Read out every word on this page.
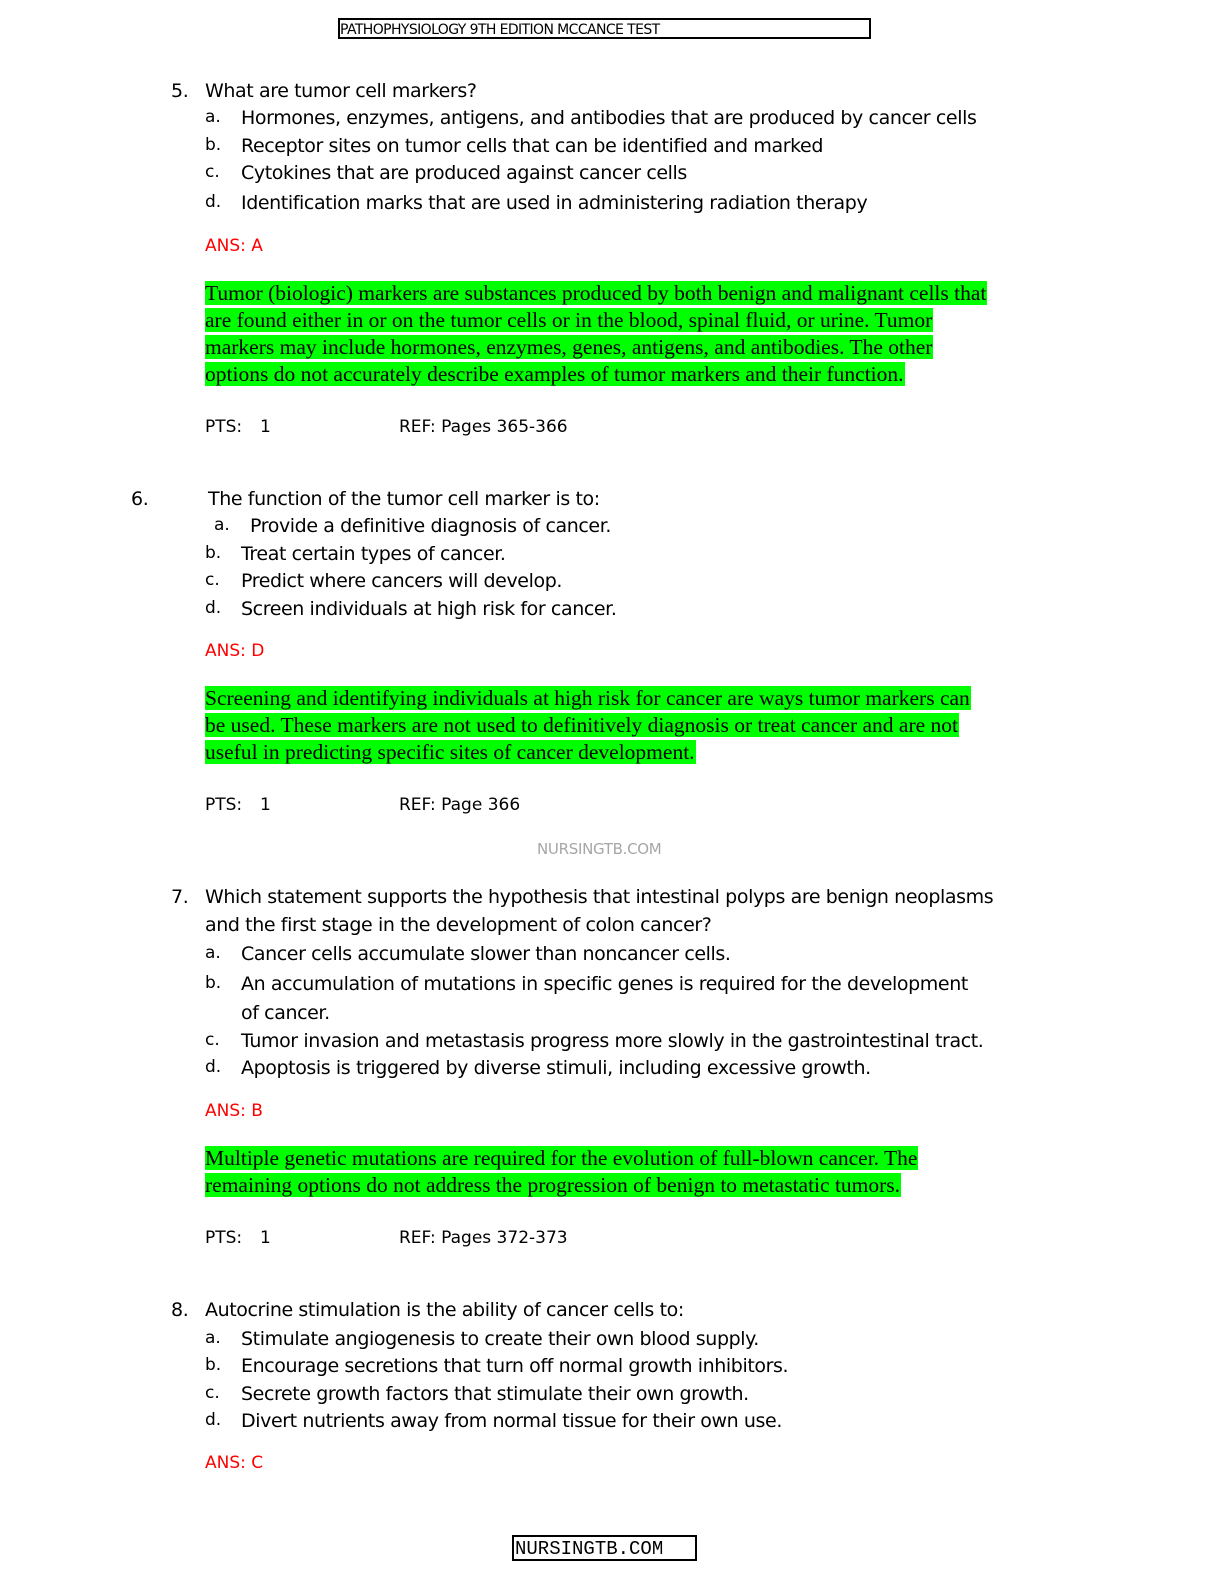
PATHOPHYSIOLOGY 9TH EDITION MCCANCE TEST
5. What are tumor cell markers?
a. Hormones, enzymes, antigens, and antibodies that are produced by cancer cells
b. Receptor sites on tumor cells that can be identified and marked
c. Cytokines that are produced against cancer cells
d. Identification marks that are used in administering radiation therapy
ANS: A
Tumor (biologic) markers are substances produced by both benign and malignant cells that
are found either in or on the tumor cells or in the blood, spinal fluid, or urine. Tumor
markers may include hormones, enzymes, genes, antigens, and antibodies. The other
options do not accurately describe examples of tumor markers and their function.
PTS: 1	REF: Pages 365-366
6.	The function of the tumor cell marker is to:
a. Provide a definitive diagnosis of cancer.
b. Treat certain types of cancer.
c. Predict where cancers will develop.
d. Screen individuals at high risk for cancer.
ANS: D
Screening and identifying individuals at high risk for cancer are ways tumor markers can
be used. These markers are not used to definitively diagnosis or treat cancer and are not
useful in predicting specific sites of cancer development.
PTS: 1	REF: Page 366
NURSINGTB.COM
7. Which statement supports the hypothesis that intestinal polyps are benign neoplasms
and the first stage in the development of colon cancer?
a. Cancer cells accumulate slower than noncancer cells.
b. An accumulation of mutations in specific genes is required for the development
of cancer.
c. Tumor invasion and metastasis progress more slowly in the gastrointestinal tract.
d. Apoptosis is triggered by diverse stimuli, including excessive growth.
ANS: B
Multiple genetic mutations are required for the evolution of full-blown cancer. The
remaining options do not address the progression of benign to metastatic tumors.
PTS: 1	REF: Pages 372-373
8. Autocrine stimulation is the ability of cancer cells to:
a. Stimulate angiogenesis to create their own blood supply.
b. Encourage secretions that turn off normal growth inhibitors.
c. Secrete growth factors that stimulate their own growth.
d. Divert nutrients away from normal tissue for their own use.
ANS: C
NURSINGTB.COM
